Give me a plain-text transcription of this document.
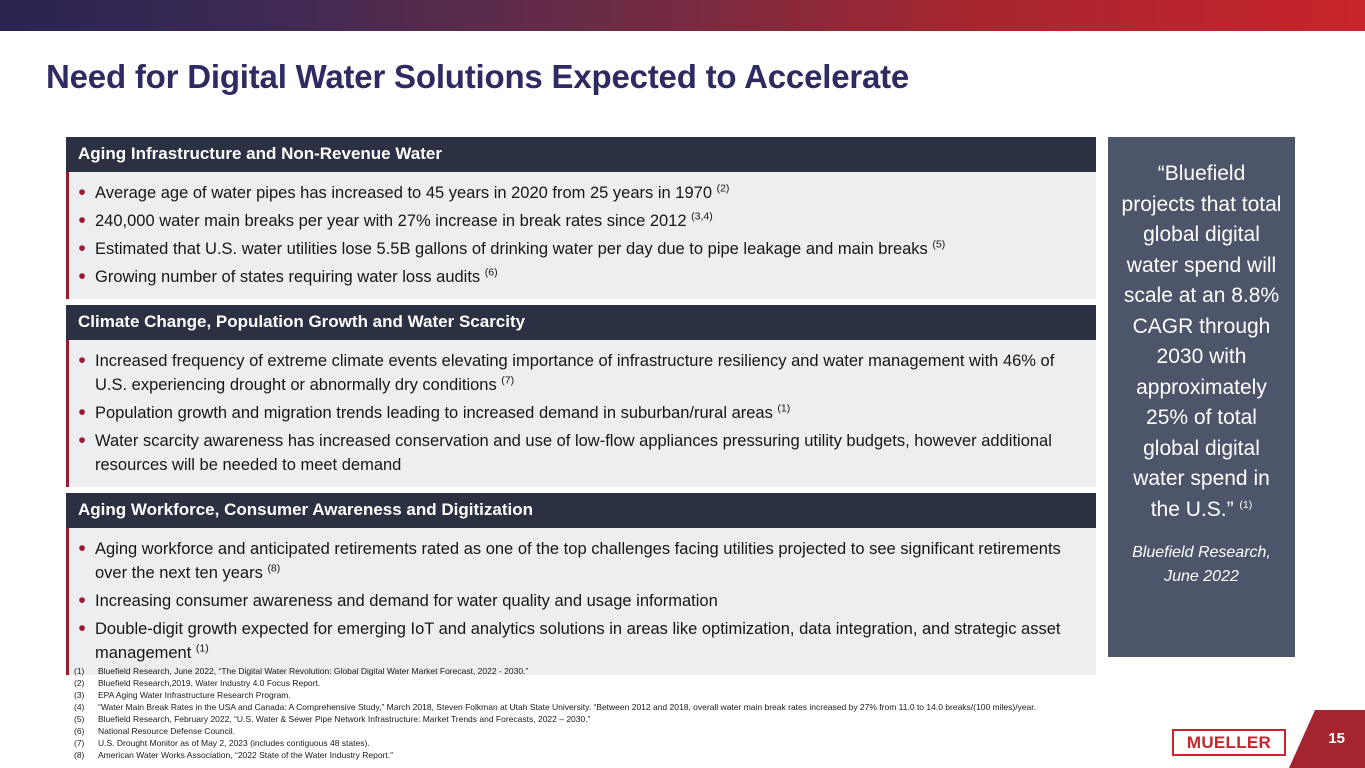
Need for Digital Water Solutions Expected to Accelerate
Aging Infrastructure and Non-Revenue Water
• Average age of water pipes has increased to 45 years in 2020 from 25 years in 1970 $^{(2)}$
• 240,000 water main breaks per year with 27% increase in break rates since 2012 $^{(3,4)}$
• Estimated that U.S. water utilities lose 5.5B gallons of drinking water per day due to pipe leakage and main breaks $^{(5)}$
• Growing number of states requiring water loss audits $^{(6)}$
Climate Change, Population Growth and Water Scarcity
• Increased frequency of extreme climate events elevating importance of infrastructure resiliency and water management with 46% of U.S. experiencing drought or abnormally dry conditions $^{(7)}$
• Population growth and migration trends leading to increased demand in suburban/rural areas $^{(1)}$
• Water scarcity awareness has increased conservation and use of low-flow appliances pressuring utility budgets, however additional resources will be needed to meet demand
Aging Workforce, Consumer Awareness and Digitization
• Aging workforce and anticipated retirements rated as one of the top challenges facing utilities projected to see significant retirements over the next ten years $^{(8)}$
• Increasing consumer awareness and demand for water quality and usage information
• Double-digit growth expected for emerging IoT and analytics solutions in areas like optimization, data integration, and strategic asset management $^{(1)}$
“Bluefield projects that total global digital water spend will scale at an 8.8% CAGR through 2030 with approximately 25% of total global digital water spend in the U.S.” $^{(1)}$
Bluefield Research, June 2022
(1)	Bluefield Research, June 2022, “The Digital Water Revolution: Global Digital Water Market Forecast, 2022 - 2030.”
(2)	Bluefield Research,2019, Water Industry 4.0 Focus Report.
(3)	EPA Aging Water Infrastructure Research Program.
(4)	“Water Main Break Rates in the USA and Canada: A Comprehensive Study,” March 2018, Steven Folkman at Utah State University. “Between 2012 and 2018, overall water main break rates increased by 27% from 11.0 to 14.0 breaks/(100 miles)/year.
(5)	Bluefield Research, February 2022, “U.S. Water & Sewer Pipe Network Infrastructure: Market Trends and Forecasts, 2022 – 2030.”
(6)	National Resource Defense Council.
(7)	U.S. Drought Monitor as of May 2, 2023 (includes contiguous 48 states).
(8)	American Water Works Association, “2022 State of the Water Industry Report.”
MUELLER	15
